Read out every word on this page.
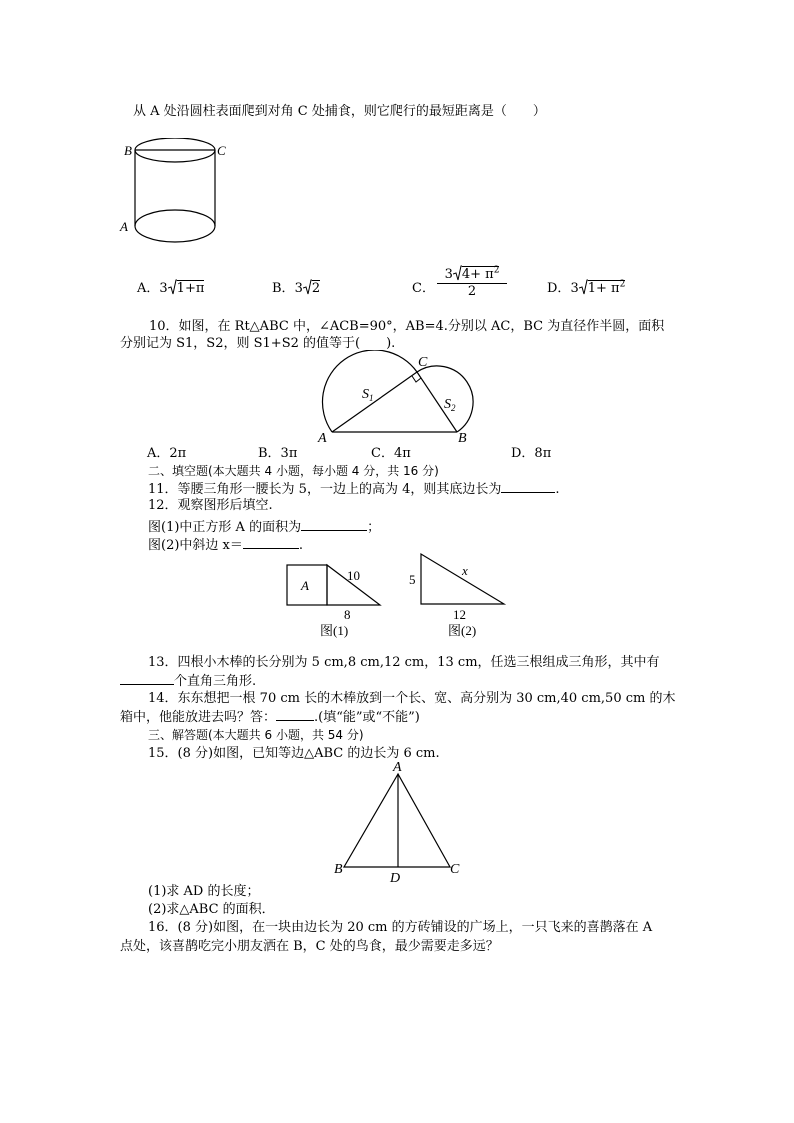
从 A 处沿圆柱表面爬到对角 C 处捕食，则它爬行的最短距离是（　　）
B	C
A
A．3 1+π	B．3 2	C． $\frac{3 4+ \pi^2}{2}$	D．3 $1+ \pi^2$
10．如图，在 Rt△ABC 中，∠ACB=90°，AB=4.分别以 AC，BC 为直径作半圆，面积
分别记为 S1，S2，则 S1+S2 的值等于(　　).
A	B
C
$S_1$	$S_2$
A．2π	B．3π	C．4π	D．8π
二、填空题(本大题共 4 小题，每小题 4 分，共 16 分)
11．等腰三角形一腰长为 5，一边上的高为 4，则其底边长为	.
12．观察图形后填空.
图(1)中正方形 A 的面积为	；
图(2)中斜边 x＝	.
A
10
8
图(1)
5
x
12
图(2)
13．四根小木棒的长分别为 5 cm,8 cm,12 cm，13 cm，任选三根组成三角形，其中有
个直角三角形.
14．东东想把一根 70 cm 长的木棒放到一个长、宽、高分别为 30 cm,40 cm,50 cm 的木
箱中，他能放进去吗？答：	.(填“能”或“不能”)
三、解答题(本大题共 6 小题，共 54 分)
15．(8 分)如图，已知等边△ABC 的边长为 6 cm.
A
B	C
D
(1)求 AD 的长度；
(2)求△ABC 的面积．
16．(8 分)如图，在一块由边长为 20 cm 的方砖铺设的广场上，一只飞来的喜鹊落在 A
点处，该喜鹊吃完小朋友洒在 B，C 处的鸟食，最少需要走多远？
